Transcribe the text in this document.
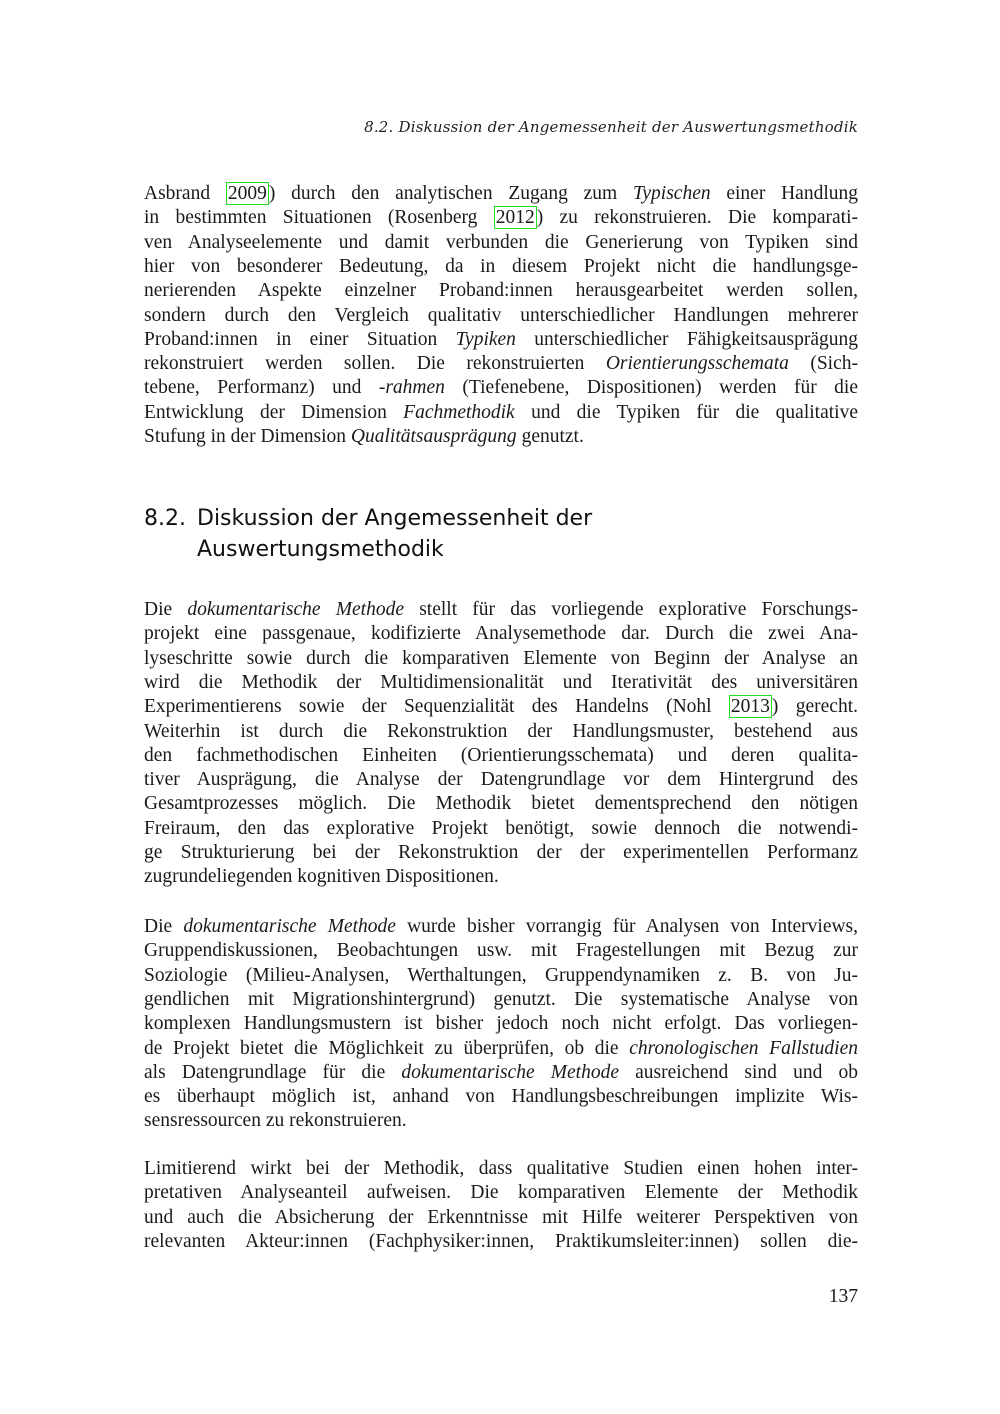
8.2. Diskussion der Angemessenheit der Auswertungsmethodik
Asbrand 2009 ) durch den analytischen Zugang zum Typischen einer Handlung
in bestimmten Situationen (Rosenberg 2012 ) zu rekonstruieren. Die komparati-
ven Analyseelemente und damit verbunden die Generierung von Typiken sind
hier von besonderer Bedeutung, da in diesem Projekt nicht die handlungsge-
nerierenden Aspekte einzelner Proband:innen herausgearbeitet werden sollen,
sondern durch den Vergleich qualitativ unterschiedlicher Handlungen mehrerer
Proband:innen in einer Situation Typiken unterschiedlicher Fähigkeitsausprägung
rekonstruiert werden sollen. Die rekonstruierten Orientierungsschemata (Sich-
tebene, Performanz) und -rahmen (Tiefenebene, Dispositionen) werden für die
Entwicklung der Dimension Fachmethodik und die Typiken für die qualitative
Stufung in der Dimension Qualitätsausprägung genutzt.
8.2. Diskussion der Angemessenheit der
Auswertungsmethodik
Die dokumentarische Methode stellt für das vorliegende explorative Forschungs-
projekt eine passgenaue, kodifizierte Analysemethode dar. Durch die zwei Ana-
lyseschritte sowie durch die komparativen Elemente von Beginn der Analyse an
wird die Methodik der Multidimensionalität und Iterativität des universitären
Experimentierens sowie der Sequenzialität des Handelns (Nohl 2013 ) gerecht.
Weiterhin ist durch die Rekonstruktion der Handlungsmuster, bestehend aus
den fachmethodischen Einheiten (Orientierungsschemata) und deren qualita-
tiver Ausprägung, die Analyse der Datengrundlage vor dem Hintergrund des
Gesamtprozesses möglich. Die Methodik bietet dementsprechend den nötigen
Freiraum, den das explorative Projekt benötigt, sowie dennoch die notwendi-
ge Strukturierung bei der Rekonstruktion der der experimentellen Performanz
zugrundeliegenden kognitiven Dispositionen.
Die dokumentarische Methode wurde bisher vorrangig für Analysen von Interviews,
Gruppendiskussionen, Beobachtungen usw. mit Fragestellungen mit Bezug zur
Soziologie (Milieu-Analysen, Werthaltungen, Gruppendynamiken z. B. von Ju-
gendlichen mit Migrationshintergrund) genutzt. Die systematische Analyse von
komplexen Handlungsmustern ist bisher jedoch noch nicht erfolgt. Das vorliegen-
de Projekt bietet die Möglichkeit zu überprüfen, ob die chronologischen Fallstudien
als Datengrundlage für die dokumentarische Methode ausreichend sind und ob
es überhaupt möglich ist, anhand von Handlungsbeschreibungen implizite Wis-
sensressourcen zu rekonstruieren.
Limitierend wirkt bei der Methodik, dass qualitative Studien einen hohen inter-
pretativen Analyseanteil aufweisen. Die komparativen Elemente der Methodik
und auch die Absicherung der Erkenntnisse mit Hilfe weiterer Perspektiven von
relevanten Akteur:innen (Fachphysiker:innen, Praktikumsleiter:innen) sollen die-
137
